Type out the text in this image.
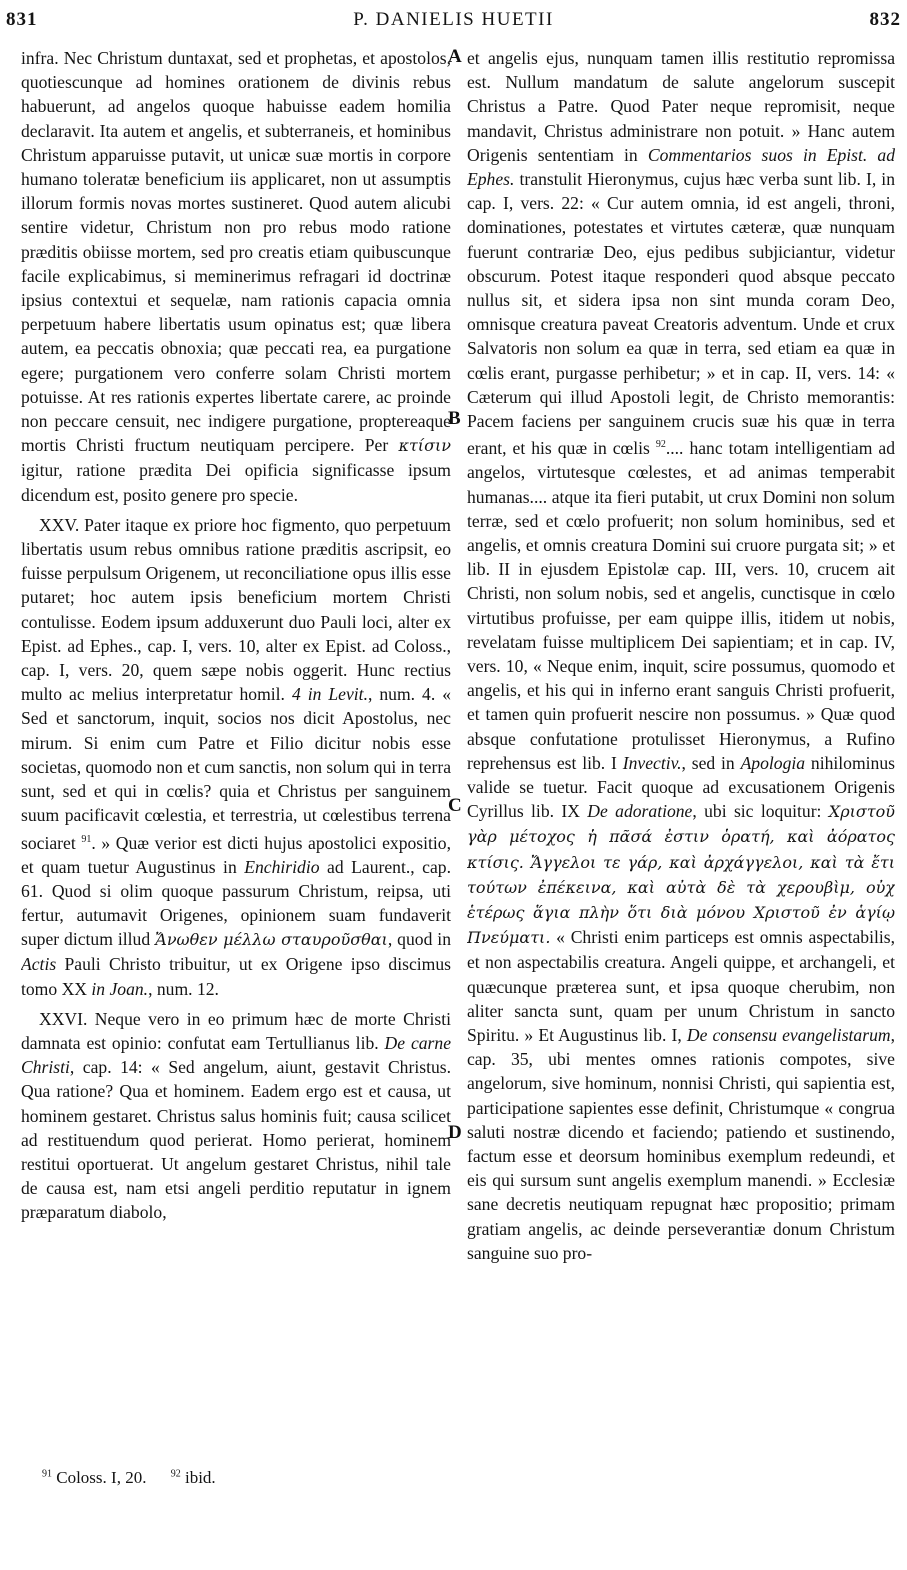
831	P. DANIELIS HUETII	832
A
B
C
D

infra. Nec Christum duntaxat, sed et prophetas, et apostolos, quotiescunque ad homines orationem de divinis rebus habuerunt, ad angelos quoque habuisse eadem homilia declaravit. Ita autem et angelis, et subterraneis, et hominibus Christum apparuisse putavit, ut unicæ suæ mortis in corpore humano toleratæ beneficium iis applicaret, non ut assumptis illorum formis novas mortes sustineret. Quod autem alicubi sentire videtur, Christum non pro rebus modo ratione præditis obiisse mortem, sed pro creatis etiam quibuscunque facile explicabimus, si meminerimus refragari id doctrinæ ipsius contextui et sequelæ, nam rationis capacia omnia perpetuum habere libertatis usum opinatus est; quæ libera autem, ea peccatis obnoxia; quæ peccati rea, ea purgatione egere; purgationem vero conferre solam Christi mortem potuisse. At res rationis expertes libertate carere, ac proinde non peccare censuit, nec indigere purgatione, proptereaque mortis Christi fructum neutiquam percipere. Per κτίσιν igitur, ratione prædita Dei opificia significasse ipsum dicendum est, posito genere pro specie.

XXV. Pater itaque ex priore hoc figmento, quo perpetuum libertatis usum rebus omnibus ratione præditis ascripsit, eo fuisse perpulsum Origenem, ut reconciliatione opus illis esse putaret; hoc autem ipsis beneficium mortem Christi contulisse. Eodem ipsum adduxerunt duo Pauli loci, alter ex Epist. ad Ephes., cap. I, vers. 10, alter ex Epist. ad Coloss., cap. I, vers. 20, quem sæpe nobis oggerit. Hunc rectius multo ac melius interpretatur homil. 4 in Levit., num. 4. « Sed et sanctorum, inquit, socios nos dicit Apostolus, nec mirum. Si enim cum Patre et Filio dicitur nobis esse societas, quomodo non et cum sanctis, non solum qui in terra sunt, sed et qui in cœlis? quia et Christus per sanguinem suum pacificavit cœlestia, et terrestria, ut cœlestibus terrena sociaret $^{91}$. » Quæ verior est dicti hujus apostolici expositio, et quam tuetur Augustinus in Enchiridio ad Laurent., cap. 61. Quod si olim quoque passurum Christum, reipsa, uti fertur, autumavit Origenes, opinionem suam fundaverit super dictum illud Ἄνωθεν μέλλω σταυροῦσθαι, quod in Actis Pauli Christo tribuitur, ut ex Origene ipso discimus tomo XX in Joan., num. 12.

XXVI. Neque vero in eo primum hæc de morte Christi damnata est opinio: confutat eam Tertullianus lib. De carne Christi, cap. 14: « Sed angelum, aiunt, gestavit Christus. Qua ratione? Qua et hominem. Eadem ergo est et causa, ut hominem gestaret. Christus salus hominis fuit; causa scilicet ad restituendum quod perierat. Homo perierat, hominem restitui oportuerat. Ut angelum gestaret Christus, nihil tale de causa est, nam etsi angeli perditio reputatur in ignem præparatum diabolo,

et angelis ejus, nunquam tamen illis restitutio repromissa est. Nullum mandatum de salute angelorum suscepit Christus a Patre. Quod Pater neque repromisit, neque mandavit, Christus administrare non potuit. » Hanc autem Origenis sententiam in Commentarios suos in Epist. ad Ephes. transtulit Hieronymus, cujus hæc verba sunt lib. I, in cap. I, vers. 22: « Cur autem omnia, id est angeli, throni, dominationes, potestates et virtutes cæteræ, quæ nunquam fuerunt contrariæ Deo, ejus pedibus subjiciantur, videtur obscurum. Potest itaque responderi quod absque peccato nullus sit, et sidera ipsa non sint munda coram Deo, omnisque creatura paveat Creatoris adventum. Unde et crux Salvatoris non solum ea quæ in terra, sed etiam ea quæ in cœlis erant, purgasse perhibetur; » et in cap. II, vers. 14: « Cæterum qui illud Apostoli legit, de Christo memorantis: Pacem faciens per sanguinem crucis suæ his quæ in terra erant, et his quæ in cœlis $^{92}$.... hanc totam intelligentiam ad angelos, virtutesque cœlestes, et ad animas temperabit humanas.... atque ita fieri putabit, ut crux Domini non solum terræ, sed et cœlo profuerit; non solum hominibus, sed et angelis, et omnis creatura Domini sui cruore purgata sit; » et lib. II in ejusdem Epistolæ cap. III, vers. 10, crucem ait Christi, non solum nobis, sed et angelis, cunctisque in cœlo virtutibus profuisse, per eam quippe illis, itidem ut nobis, revelatam fuisse multiplicem Dei sapientiam; et in cap. IV, vers. 10, « Neque enim, inquit, scire possumus, quomodo et angelis, et his qui in inferno erant sanguis Christi profuerit, et tamen quin profuerit nescire non possumus. » Quæ quod absque confutatione protulisset Hieronymus, a Rufino reprehensus est lib. I Invectiv., sed in Apologia nihilominus valide se tuetur. Facit quoque ad excusationem Origenis Cyrillus lib. IX De adoratione, ubi sic loquitur: Χριστοῦ γὰρ μέτοχος ἡ πᾶσά ἐστιν ὁρατή, καὶ ἀόρατος κτίσις. Ἄγγελοι τε γάρ, καὶ ἀρχάγγελοι, καὶ τὰ ἔτι τούτων ἐπέκεινα, καὶ αὐτὰ δὲ τὰ χερουβὶμ, οὐχ ἑτέρως ἅγια πλὴν ὅτι διὰ μόνου Χριστοῦ ἐν ἁγίῳ Πνεύματι. « Christi enim particeps est omnis aspectabilis, et non aspectabilis creatura. Angeli quippe, et archangeli, et quæcunque præterea sunt, et ipsa quoque cherubim, non aliter sancta sunt, quam per unum Christum in sancto Spiritu. » Et Augustinus lib. I, De consensu evangelistarum, cap. 35, ubi mentes omnes rationis compotes, sive angelorum, sive hominum, nonnisi Christi, qui sapientia est, participatione sapientes esse definit, Christumque « congrua saluti nostræ dicendo et faciendo; patiendo et sustinendo, factum esse et deorsum hominibus exemplum redeundi, et eis qui sursum sunt angelis exemplum manendi. » Ecclesiæ sane decretis neutiquam repugnat hæc propositio; primam gratiam angelis, ac deinde perseverantiæ donum Christum sanguine suo pro-

$^{91}$ Coloss. I, 20. $^{92}$ ibid.
